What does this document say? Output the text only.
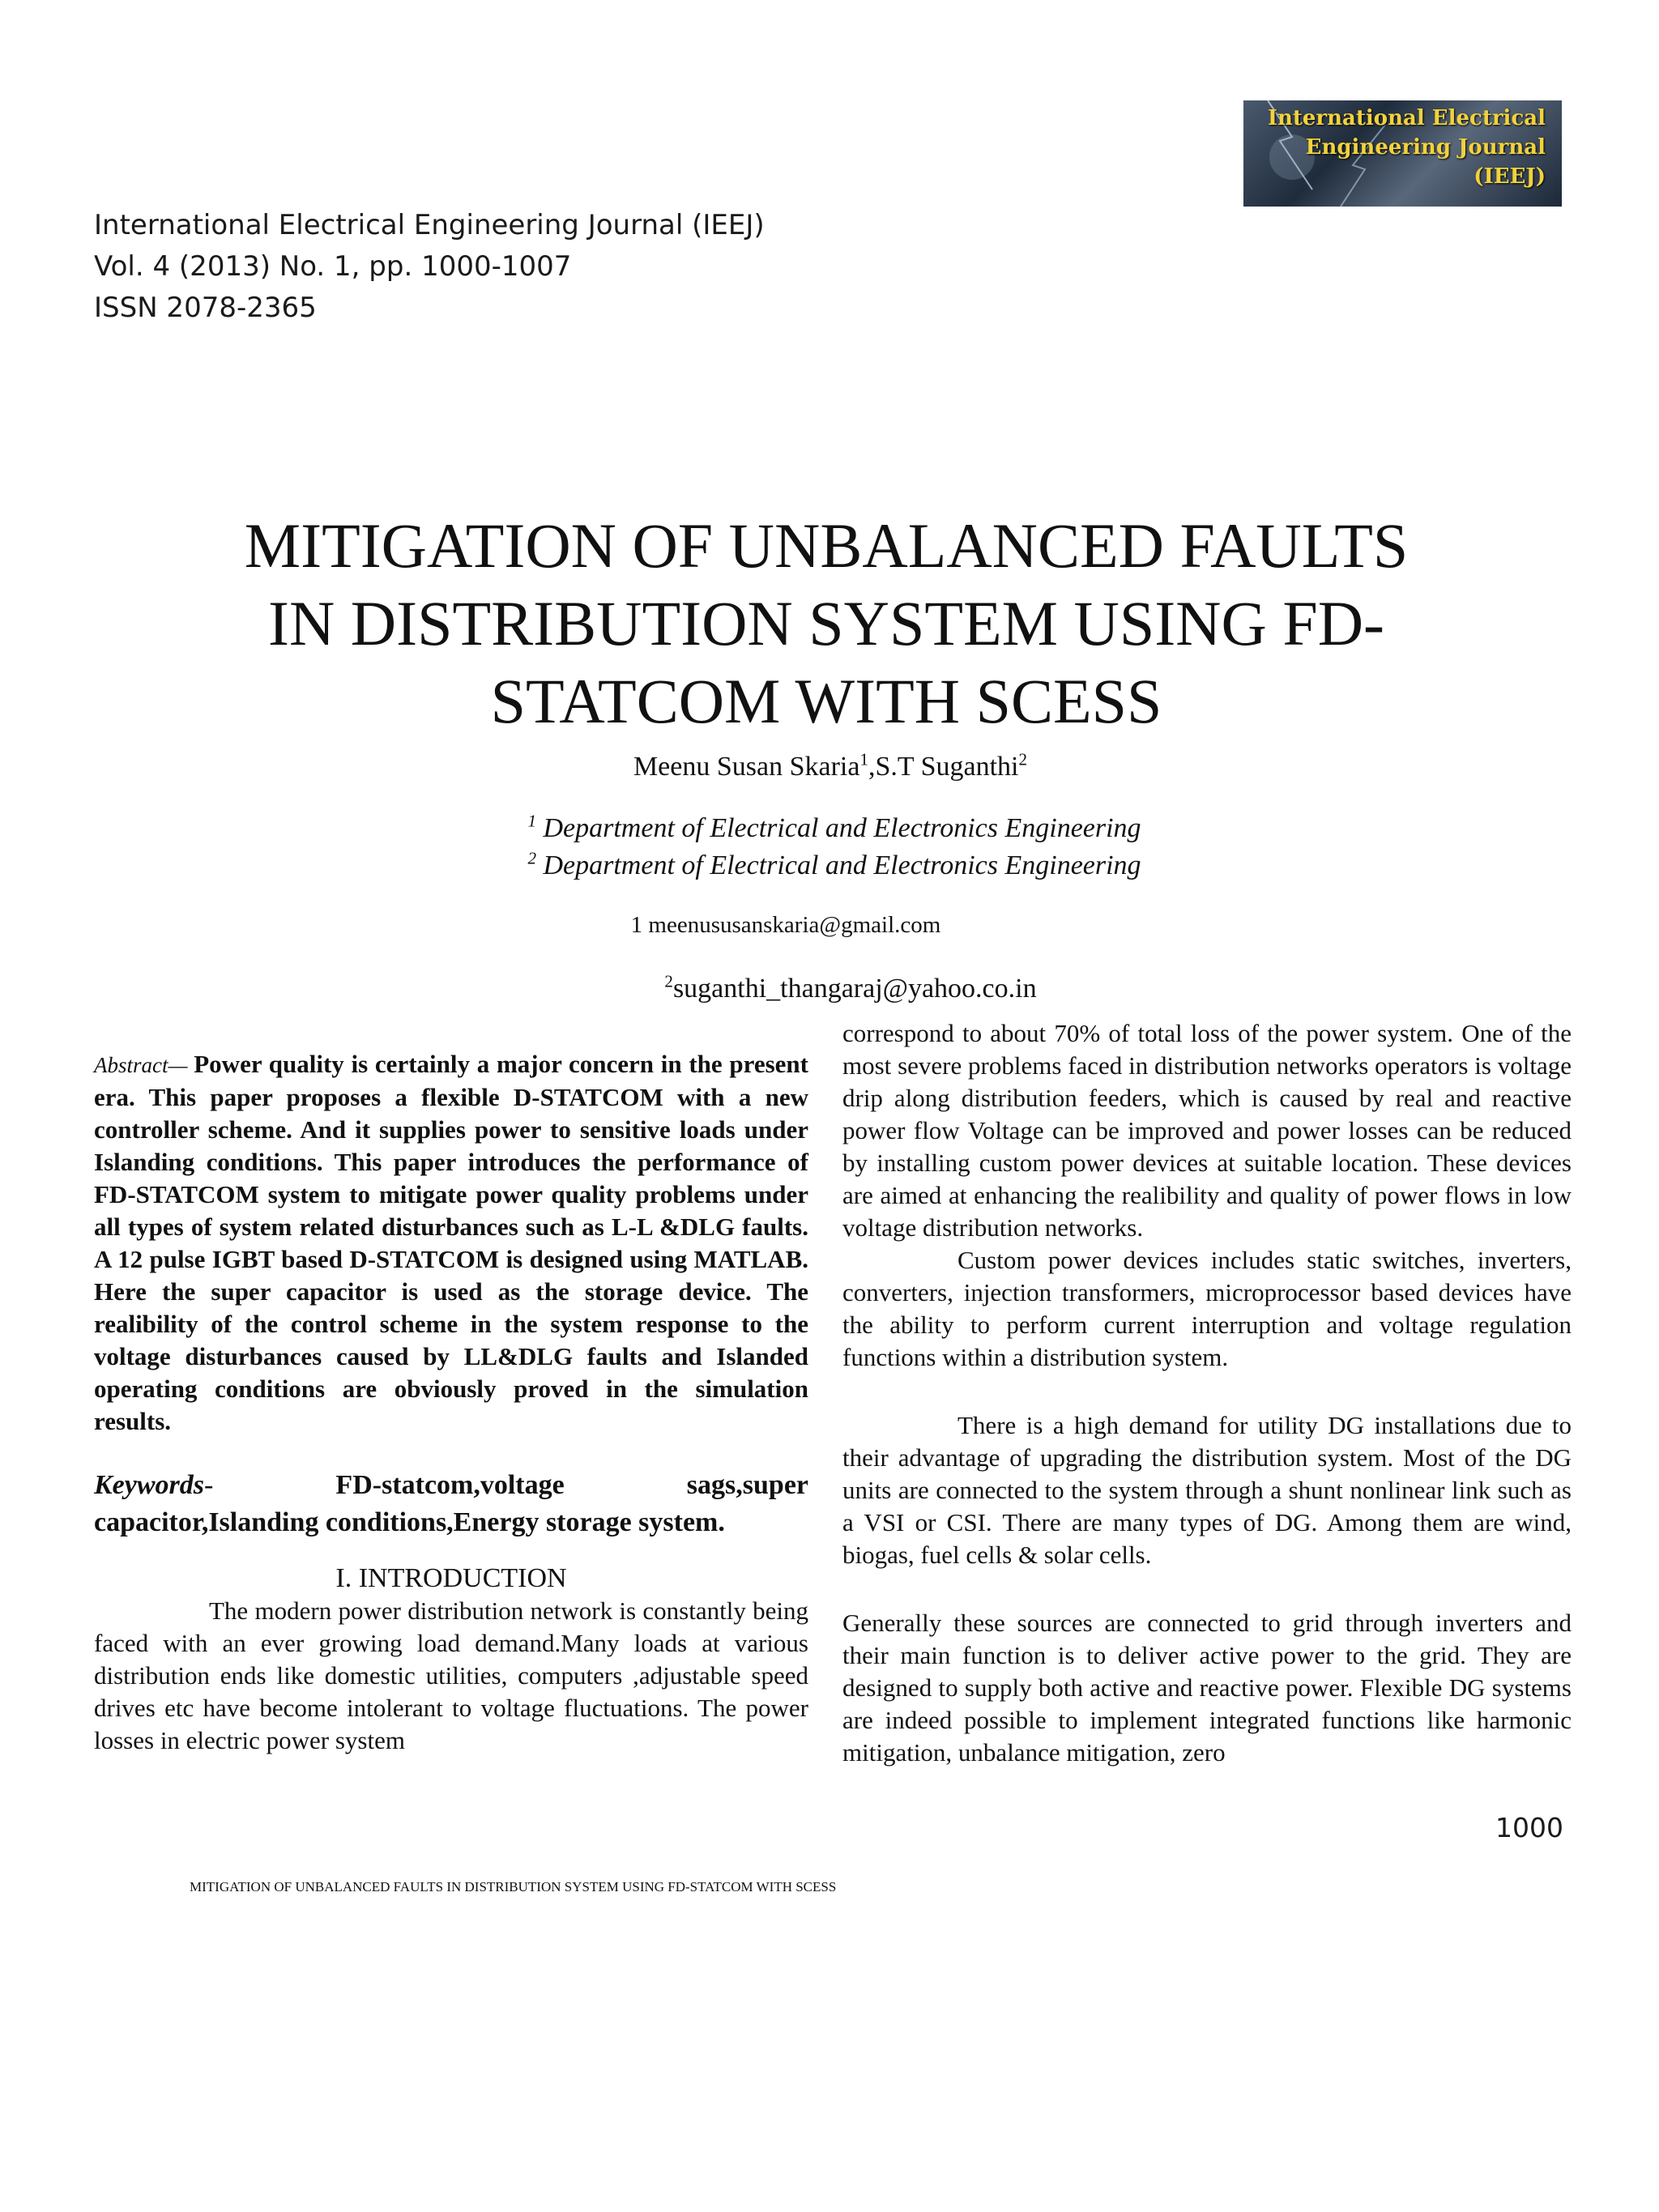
International Electrical Engineering Journal (IEEJ)
Vol. 4 (2013) No. 1, pp. 1000-1007
ISSN 2078-2365
International Electrical
Engineering Journal
(IEEJ)
MITIGATION OF UNBALANCED FAULTS
IN DISTRIBUTION SYSTEM USING FD-
STATCOM WITH SCESS
Meenu Susan Skaria$^1$,S.T Suganthi$^2$
$^1$ Department of Electrical and Electronics Engineering
$^2$ Department of Electrical and Electronics Engineering
1 meenususanskaria@gmail.com
$^2$suganthi_thangaraj@yahoo.co.in

Abstract— Power quality is certainly a major concern in the present era. This paper proposes a flexible D-STATCOM with a new controller scheme. And it supplies power to sensitive loads under Islanding conditions. This paper introduces the performance of FD-STATCOM system to mitigate power quality problems under all types of system related disturbances such as L-L &DLG faults. A 12 pulse IGBT based D-STATCOM is designed using MATLAB. Here the super capacitor is used as the storage device. The realibility of the control scheme in the system response to the voltage disturbances caused by LL&DLG faults and Islanded operating conditions are obviously proved in the simulation results.

Keywords- FD-statcom,voltage sags,super capacitor,Islanding conditions,Energy storage system.

I. INTRODUCTION

The modern power distribution network is constantly being faced with an ever growing load demand.Many loads at various distribution ends like domestic utilities, computers ,adjustable speed drives etc have become intolerant to voltage fluctuations. The power losses in electric power system

correspond to about 70% of total loss of the power system. One of the most severe problems faced in distribution networks operators is voltage drip along distribution feeders, which is caused by real and reactive power flow Voltage can be improved and power losses can be reduced by installing custom power devices at suitable location. These devices are aimed at enhancing the realibility and quality of power flows in low voltage distribution networks.

Custom power devices includes static switches, inverters, converters, injection transformers, microprocessor based devices have the ability to perform current interruption and voltage regulation functions within a distribution system.

There is a high demand for utility DG installations due to their advantage of upgrading the distribution system. Most of the DG units are connected to the system through a shunt nonlinear link such as a VSI or CSI. There are many types of DG. Among them are wind, biogas, fuel cells & solar cells.

Generally these sources are connected to grid through inverters and their main function is to deliver active power to the grid. They are designed to supply both active and reactive power. Flexible DG systems are indeed possible to implement integrated functions like harmonic mitigation, unbalance mitigation, zero

1000
MITIGATION OF UNBALANCED FAULTS IN DISTRIBUTION SYSTEM USING FD-STATCOM WITH SCESS
